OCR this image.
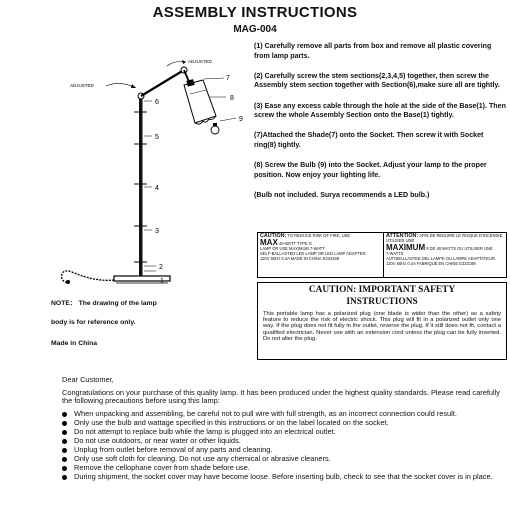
ASSEMBLY INSTRUCTIONS
MAG-004
ADJUSTED
ADJUSTED
1
2
3
4
5
6
7
8
9

(1) Carefully remove all parts from box and remove all plastic covering from lamp parts.

(2) Carefully screw the stem sections(2,3,4,5) together, then screw the Assembly stem section together with Section(6),make sure all are tightly.

(3) Ease any excess cable through the hole at the side of the Base(1). Then screw the whole Assembly Section onto the Base(1) tightly.

(7)Attached the Shade(7) onto the Socket. Then screw it with Socket ring(8) tightly.

(8) Screw the Bulb (9) into the Socket. Adjust your lamp to the proper position. Now enjoy your lighting life.

(Bulb not included. Surya recommends a LED bulb.)

NOTE： The drawing of the lamp
body is for reference only.
Made in China
CAUTION: TO REDUCE RISK OF FIRE, USE
MAX 40-WATT TYPE G
LAMP OR USE MAXIMUM 7-WATT
SELF-BALLASTED LED LAMP OR LED LAMP ADAPTER.
120V 60Hz 0.4A MADE IN CHINA E333188
ATTENTION: AFIN DE REDUIRE LE RISQUE D'INCENDIE, UTILISER UNE
MAXIMUM 9 DE 40 WATTS OU UTILISER UNE
7-WATTS
AUTOBALLASTEE DEL LAMPE OU LAMPE ADAPTATEUR.
120V 60Hz 0.4A FABRIQUE EN CHINE E333188
CAUTION: IMPORTANT SAFETY
INSTRUCTIONS
This portable lamp has a polarized plug (one blade is wider than the other) as a safety feature to reduce the risk of electric shock. This plug will fit in a polarized outlet only one way. If the plug does not fit fully in the outlet, reverse the plug. If it still does not fit, contact a qualified electrician. Never use with an extension cord unless the plug can be fully inserted. Do not alter the plug.

Dear Customer,

Congratulations on your purchase of this quality lamp. It has been produced under the highest quality standards. Please read carefully the following precautions before using this lamp:

When unpacking and assembling, be careful not to pull wire with full strength, as an incorrect connection could result.
Only use the bulb and wattage specified in this instructions or on the label located on the socket.
Do not attempt to replace bulb while the lamp is plugged into an electrical outlet.
Do not use outdoors, or near water or other liquids.
Unplug from outlet before removal of any parts and cleaning.
Only use soft cloth for cleaning. Do not use any chemical or abrasive cleaners.
Remove the cellophane cover from shade before use.
During shipment, the socket cover may have become loose. Before inserting bulb, check to see that the socket cover is in place.
